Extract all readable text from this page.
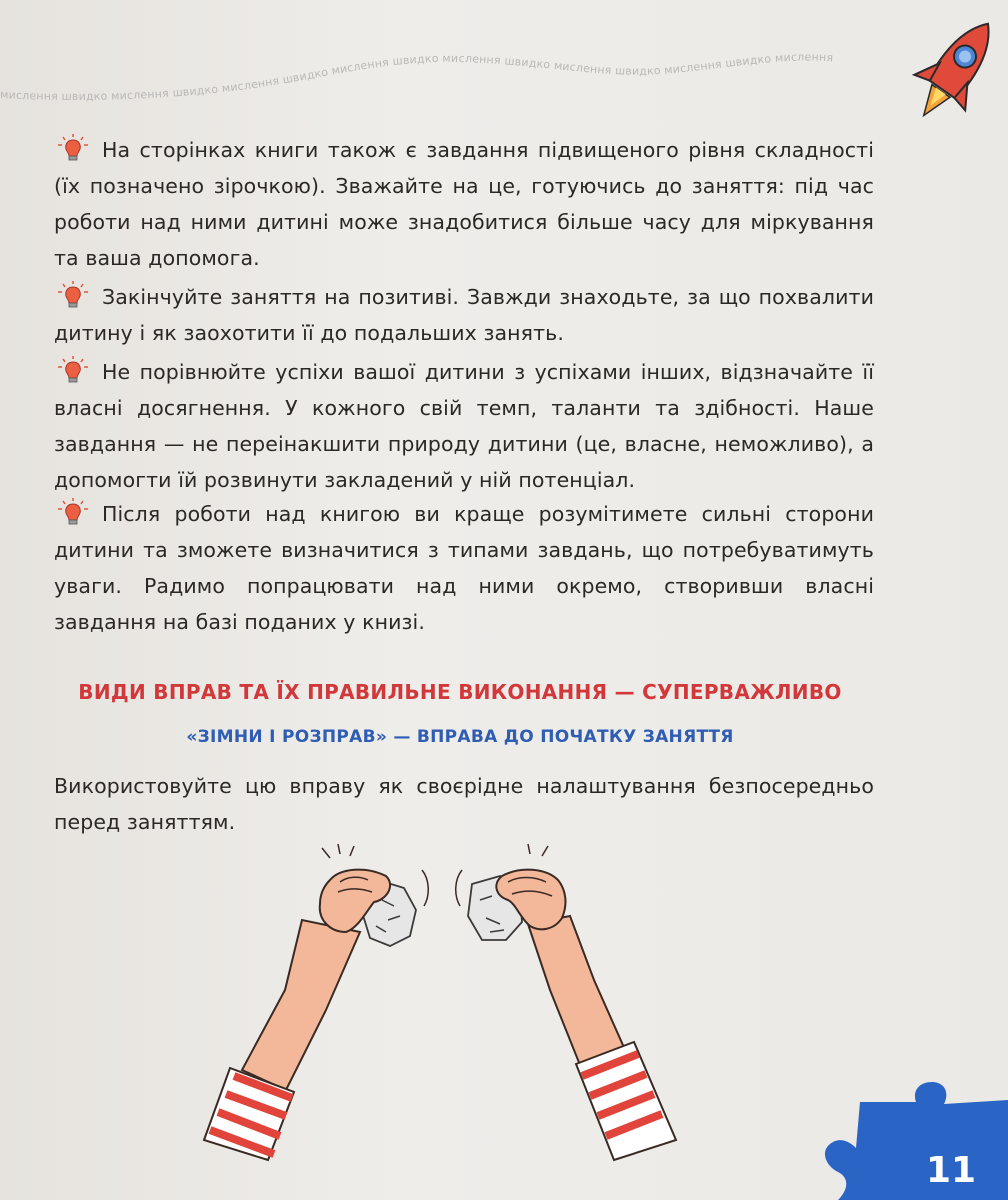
мислення швидко мислення швидко мислення швидко мислення швидко мислення швидко мислення швидко мислення швидко мислення
На сторінках книги також є завдання підвищеного рівня складності (їх позначено зірочкою). Зважайте на це, готуючись до заняття: під час роботи над ними дитині може знадобитися більше часу для міркування та ваша допомога.
Закінчуйте заняття на позитиві. Завжди знаходьте, за що похвалити дитину і як заохотити її до подальших занять.
Не порівнюйте успіхи вашої дитини з успіхами інших, відзначайте її власні досягнення. У кожного свій темп, таланти та здібності. Наше завдання — не переінакшити природу дитини (це, власне, неможливо), а допомогти їй розвинути закладений у ній потенціал.
Після роботи над книгою ви краще розумітимете сильні сторони дитини та зможете визначитися з типами завдань, що потребуватимуть уваги. Радимо попрацювати над ними окремо, створивши власні завдання на базі поданих у книзі.
ВИДИ ВПРАВ ТА ЇХ ПРАВИЛЬНЕ ВИКОНАННЯ — СУПЕРВАЖЛИВО
«ЗІМНИ І РОЗПРАВ» — ВПРАВА ДО ПОЧАТКУ ЗАНЯТТЯ
Використовуйте цю вправу як своєрідне налаштування безпосередньо перед заняттям.
11
